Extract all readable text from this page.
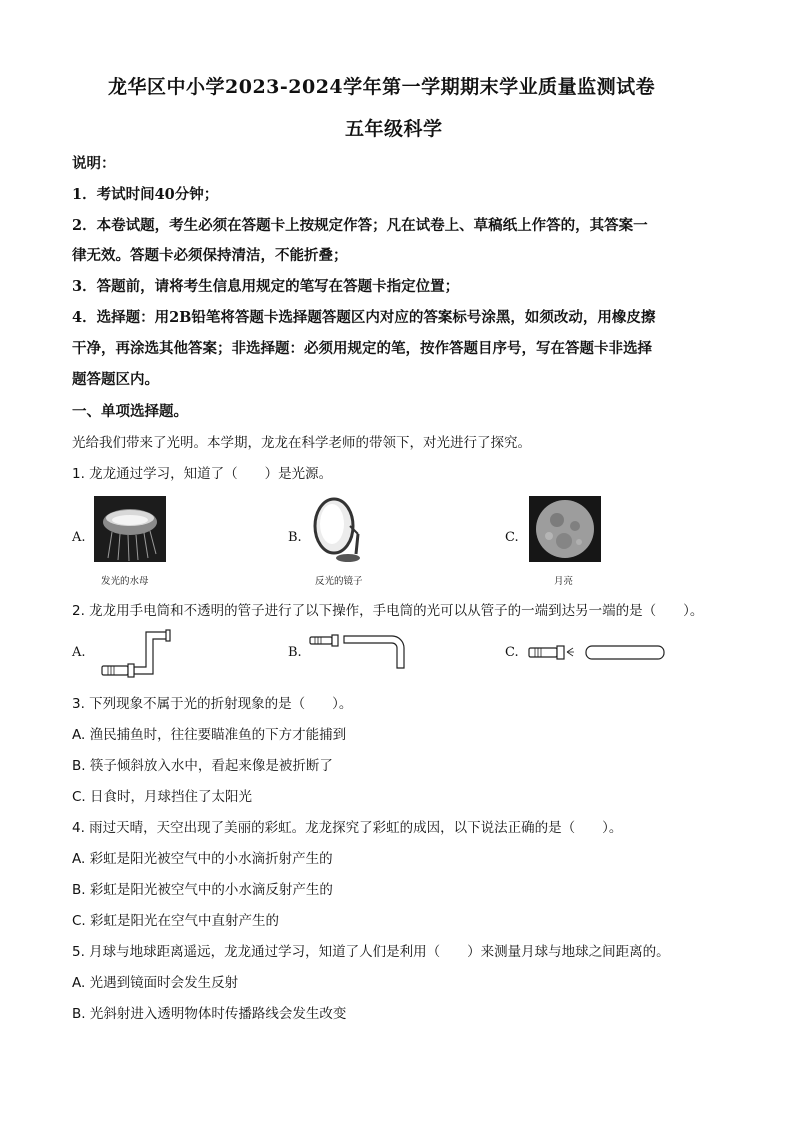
龙华区中小学2023-2024学年第一学期期末学业质量监测试卷
五年级科学
说明：
1．考试时间40分钟；
2．本卷试题，考生必须在答题卡上按规定作答；凡在试卷上、草稿纸上作答的，其答案一
律无效。答题卡必须保持清洁，不能折叠；
3．答题前，请将考生信息用规定的笔写在答题卡指定位置；
4．选择题：用2B铅笔将答题卡选择题答题区内对应的答案标号涂黑，如须改动，用橡皮擦
干净，再涂选其他答案；非选择题：必须用规定的笔，按作答题目序号，写在答题卡非选择
题答题区内。
一、单项选择题。
光给我们带来了光明。本学期，龙龙在科学老师的带领下，对光进行了探究。
1. 龙龙通过学习，知道了（　　）是光源。
A.
发光的水母
B.
反光的镜子
C.
月亮
2. 龙龙用手电筒和不透明的管子进行了以下操作，手电筒的光可以从管子的一端到达另一端的是（　　）。
A.	B.	C.
3. 下列现象不属于光的折射现象的是（　　）。
A. 渔民捕鱼时，往往要瞄准鱼的下方才能捕到
B. 筷子倾斜放入水中，看起来像是被折断了
C. 日食时，月球挡住了太阳光
4. 雨过天晴，天空出现了美丽的彩虹。龙龙探究了彩虹的成因，以下说法正确的是（　　）。
A. 彩虹是阳光被空气中的小水滴折射产生的
B. 彩虹是阳光被空气中的小水滴反射产生的
C. 彩虹是阳光在空气中直射产生的
5. 月球与地球距离遥远，龙龙通过学习，知道了人们是利用（　　）来测量月球与地球之间距离的。
A. 光遇到镜面时会发生反射
B. 光斜射进入透明物体时传播路线会发生改变
